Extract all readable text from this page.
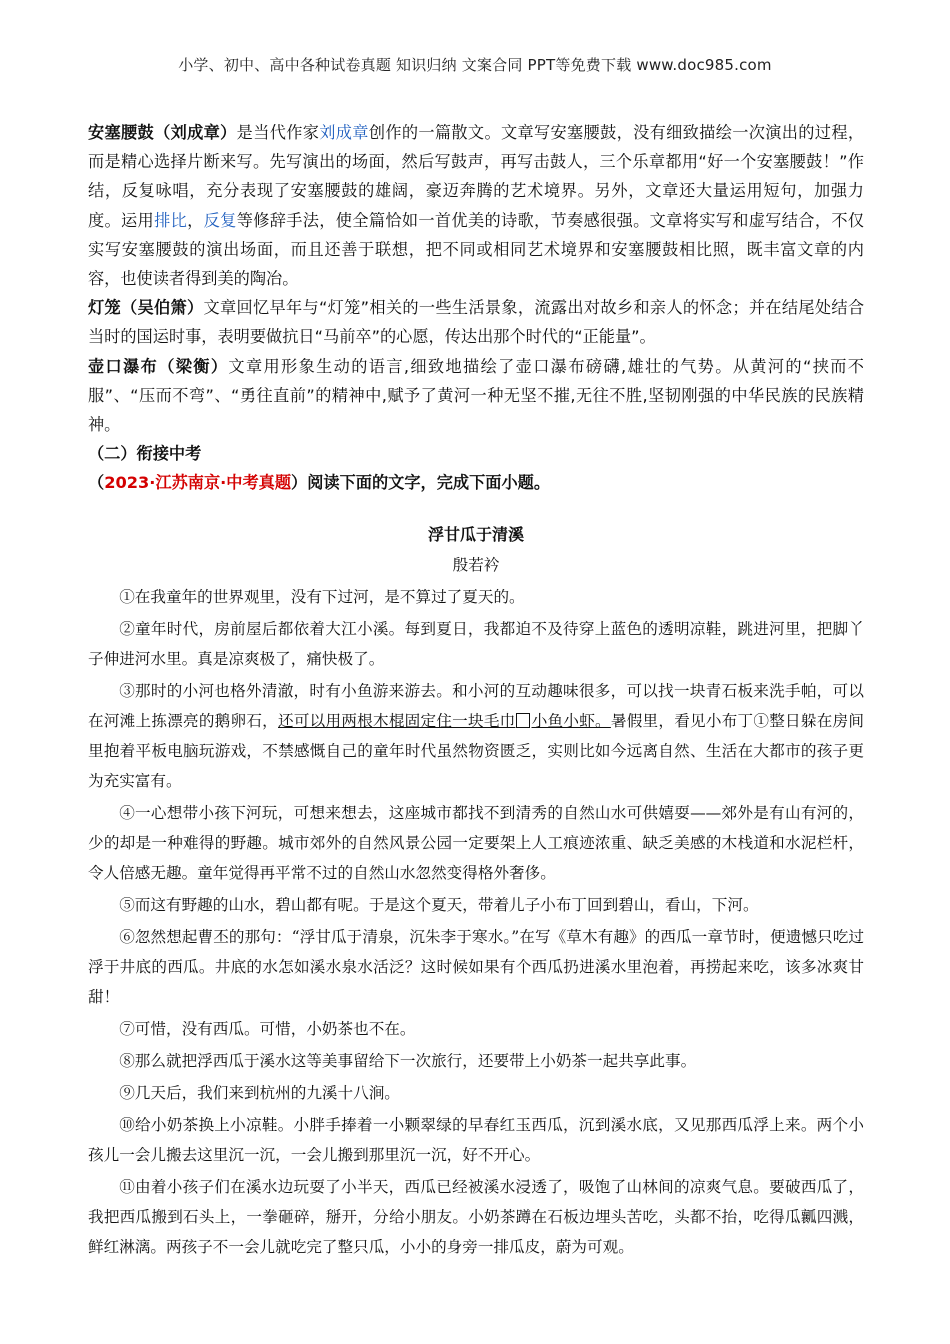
小学、初中、高中各种试卷真题 知识归纳 文案合同 PPT等免费下载 www.doc985.com

安塞腰鼓（刘成章）是当代作家刘成章创作的一篇散文。文章写安塞腰鼓，没有细致描绘一次演出的过程，而是精心选择片断来写。先写演出的场面，然后写鼓声，再写击鼓人，三个乐章都用“好一个安塞腰鼓！”作结，反复咏唱，充分表现了安塞腰鼓的雄阔，豪迈奔腾的艺术境界。另外，文章还大量运用短句，加强力度。运用排比，反复等修辞手法，使全篇恰如一首优美的诗歌，节奏感很强。文章将实写和虚写结合，不仅实写安塞腰鼓的演出场面，而且还善于联想，把不同或相同艺术境界和安塞腰鼓相比照，既丰富文章的内容，也使读者得到美的陶冶。

灯笼（吴伯箫）文章回忆早年与“灯笼”相关的一些生活景象，流露出对故乡和亲人的怀念；并在结尾处结合当时的国运时事，表明要做抗日“马前卒”的心愿，传达出那个时代的“正能量”。

壶口瀑布（梁衡）文章用形象生动的语言,细致地描绘了壶口瀑布磅礴,雄壮的气势。从黄河的“挟而不服”、“压而不弯”、“勇往直前”的精神中,赋予了黄河一种无坚不摧,无往不胜,坚韧刚强的中华民族的民族精神。

（二）衔接中考

（2023·江苏南京·中考真题）阅读下面的文字，完成下面小题。

浮甘瓜于清溪

殷若衿

①在我童年的世界观里，没有下过河，是不算过了夏天的。

②童年时代，房前屋后都依着大江小溪。每到夏日，我都迫不及待穿上蓝色的透明凉鞋，跳进河里，把脚丫子伸进河水里。真是凉爽极了，痛快极了。

③那时的小河也格外清澈，时有小鱼游来游去。和小河的互动趣味很多，可以找一块青石板来洗手帕，可以在河滩上拣漂亮的鹅卵石，还可以用两根木棍固定住一块毛巾 小鱼小虾。暑假里，看见小布丁①整日躲在房间里抱着平板电脑玩游戏，不禁感慨自己的童年时代虽然物资匮乏，实则比如今远离自然、生活在大都市的孩子更为充实富有。

④一心想带小孩下河玩，可想来想去，这座城市都找不到清秀的自然山水可供嬉耍——郊外是有山有河的，少的却是一种难得的野趣。城市郊外的自然风景公园一定要架上人工痕迹浓重、缺乏美感的木栈道和水泥栏杆，令人倍感无趣。童年觉得再平常不过的自然山水忽然变得格外奢侈。

⑤而这有野趣的山水，碧山都有呢。于是这个夏天，带着儿子小布丁回到碧山，看山，下河。

⑥忽然想起曹丕的那句：“浮甘瓜于清泉，沉朱李于寒水。”在写《草木有趣》的西瓜一章节时，便遗憾只吃过浮于井底的西瓜。井底的水怎如溪水泉水活泛？这时候如果有个西瓜扔进溪水里泡着，再捞起来吃，该多冰爽甘甜！

⑦可惜，没有西瓜。可惜，小奶茶也不在。

⑧那么就把浮西瓜于溪水这等美事留给下一次旅行，还要带上小奶茶一起共享此事。

⑨几天后，我们来到杭州的九溪十八涧。

⑩给小奶茶换上小凉鞋。小胖手捧着一小颗翠绿的早春红玉西瓜，沉到溪水底，又见那西瓜浮上来。两个小孩儿一会儿搬去这里沉一沉，一会儿搬到那里沉一沉，好不开心。

⑪由着小孩子们在溪水边玩耍了小半天，西瓜已经被溪水浸透了，吸饱了山林间的凉爽气息。要破西瓜了，我把西瓜搬到石头上，一拳砸碎，掰开，分给小朋友。小奶茶蹲在石板边埋头苦吃，头都不抬，吃得瓜瓤四溅，鲜红淋漓。两孩子不一会儿就吃完了整只瓜，小小的身旁一排瓜皮，蔚为可观。
